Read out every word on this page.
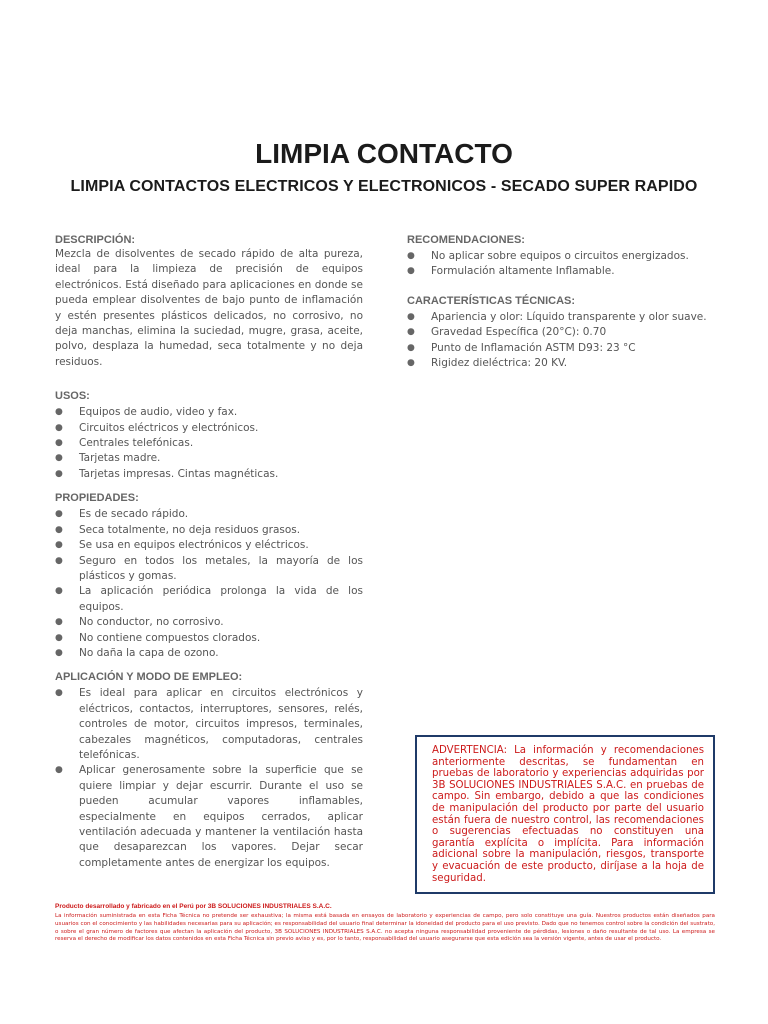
LIMPIA CONTACTO
LIMPIA CONTACTOS ELECTRICOS Y ELECTRONICOS - SECADO SUPER RAPIDO
DESCRIPCIÓN:

Mezcla de disolventes de secado rápido de alta pureza, ideal para la limpieza de precisión de equipos electrónicos. Está diseñado para aplicaciones en donde se pueda emplear disolventes de bajo punto de inflamación y estén presentes plásticos delicados, no corrosivo, no deja manchas, elimina la suciedad, mugre, grasa, aceite, polvo, desplaza la humedad, seca totalmente y no deja residuos.

USOS:
● Equipos de audio, video y fax.
● Circuitos eléctricos y electrónicos.
● Centrales telefónicas.
● Tarjetas madre.
● Tarjetas impresas. Cintas magnéticas.
PROPIEDADES:
● Es de secado rápido.
● Seca totalmente, no deja residuos grasos.
● Se usa en equipos electrónicos y eléctricos.
● Seguro en todos los metales, la mayoría de los plásticos y gomas.
● La aplicación periódica prolonga la vida de los equipos.
● No conductor, no corrosivo.
● No contiene compuestos clorados.
● No daña la capa de ozono.
APLICACIÓN Y MODO DE EMPLEO:
● Es ideal para aplicar en circuitos electrónicos y eléctricos, contactos, interruptores, sensores, relés, controles de motor, circuitos impresos, terminales, cabezales magnéticos, computadoras, centrales telefónicas.
● Aplicar generosamente sobre la superficie que se quiere limpiar y dejar escurrir. Durante el uso se pueden acumular vapores inflamables, especialmente en equipos cerrados, aplicar ventilación adecuada y mantener la ventilación hasta que desaparezcan los vapores. Dejar secar completamente antes de energizar los equipos.
RECOMENDACIONES:
● No aplicar sobre equipos o circuitos energizados.
● Formulación altamente Inflamable.
CARACTERÍSTICAS TÉCNICAS:
● Apariencia y olor: Líquido transparente y olor suave.
● Gravedad Específica (20°C): 0.70
● Punto de Inflamación ASTM D93: 23 °C
● Rigidez dieléctrica: 20 KV.

ADVERTENCIA: La información y recomendaciones anteriormente descritas, se fundamentan en pruebas de laboratorio y experiencias adquiridas por 3B SOLUCIONES INDUSTRIALES S.A.C. en pruebas de campo. Sin embargo, debido a que las condiciones de manipulación del producto por parte del usuario están fuera de nuestro control, las recomendaciones o sugerencias efectuadas no constituyen una garantía explícita o implícita. Para información adicional sobre la manipulación, riesgos, transporte y evacuación de este producto, diríjase a la hoja de seguridad.

Producto desarrollado y fabricado en el Perú por 3B SOLUCIONES INDUSTRIALES S.A.C.

La información suministrada en esta Ficha Técnica no pretende ser exhaustiva; la misma está basada en ensayos de laboratorio y experiencias de campo, pero solo constituye una guía. Nuestros productos están diseñados para usuarios con el conocimiento y las habilidades necesarias para su aplicación; es responsabilidad del usuario final determinar la idoneidad del producto para el uso previsto. Dado que no tenemos control sobre la condición del sustrato, o sobre el gran número de factores que afectan la aplicación del producto, 3B SOLUCIONES INDUSTRIALES S.A.C. no acepta ninguna responsabilidad proveniente de pérdidas, lesiones o daño resultante de tal uso. La empresa se reserva el derecho de modificar los datos contenidos en esta Ficha Técnica sin previo aviso y es, por lo tanto, responsabilidad del usuario asegurarse que esta edición sea la versión vigente, antes de usar el producto.
